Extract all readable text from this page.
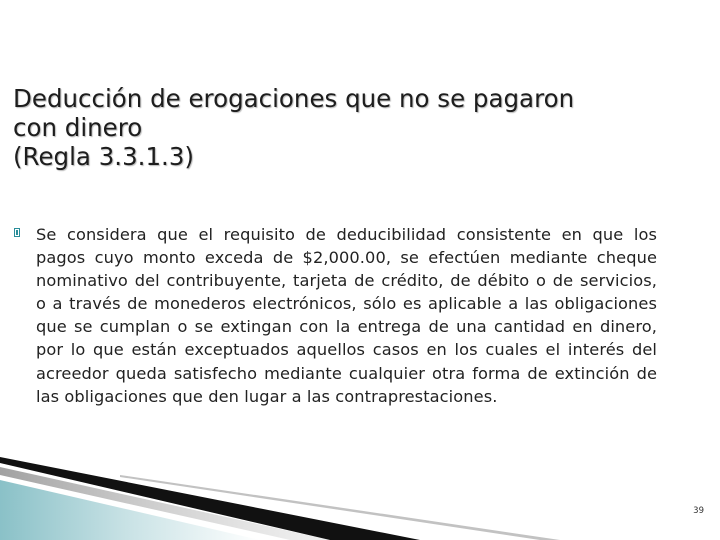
Deducción de erogaciones que no se pagaron
con dinero
(Regla 3.3.1.3)

Se considera que el requisito de deducibilidad consistente en que los pagos cuyo monto exceda de $2,000.00, se efectúen mediante cheque nominativo del contribuyente, tarjeta de crédito, de débito o de servicios, o a través de monederos electrónicos, sólo es aplicable a las obligaciones que se cumplan o se extingan con la entrega de una cantidad en dinero, por lo que están exceptuados aquellos casos en los cuales el interés del acreedor queda satisfecho mediante cualquier otra forma de extinción de las obligaciones que den lugar a las contraprestaciones.

39
